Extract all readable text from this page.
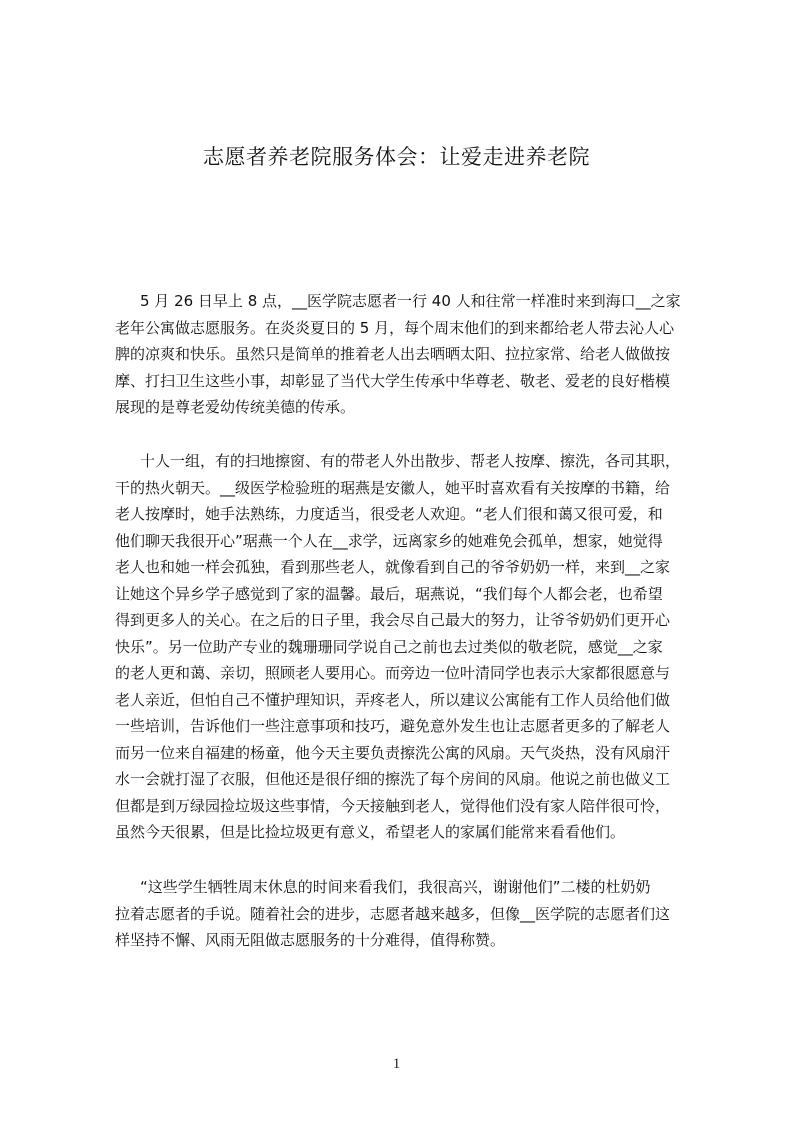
志愿者养老院服务体会：让爱走进养老院
5 月 26 日早上 8 点，__医学院志愿者一行 40 人和往常一样准时来到海口__之家
老年公寓做志愿服务。在炎炎夏日的 5 月，每个周末他们的到来都给老人带去沁人心
脾的凉爽和快乐。虽然只是简单的推着老人出去晒晒太阳、拉拉家常、给老人做做按
摩、打扫卫生这些小事，却彰显了当代大学生传承中华尊老、敬老、爱老的良好楷模
展现的是尊老爱幼传统美德的传承。
十人一组，有的扫地擦窗、有的带老人外出散步、帮老人按摩、擦洗，各司其职，
干的热火朝天。__级医学检验班的琚燕是安徽人，她平时喜欢看有关按摩的书籍，给
老人按摩时，她手法熟练，力度适当，很受老人欢迎。“老人们很和蔼又很可爱，和
他们聊天我很开心”琚燕一个人在__求学，远离家乡的她难免会孤单，想家，她觉得
老人也和她一样会孤独，看到那些老人，就像看到自己的爷爷奶奶一样，来到__之家
让她这个异乡学子感觉到了家的温馨。最后，琚燕说，“我们每个人都会老，也希望
得到更多人的关心。在之后的日子里，我会尽自己最大的努力，让爷爷奶奶们更开心
快乐”。另一位助产专业的魏珊珊同学说自己之前也去过类似的敬老院，感觉__之家
的老人更和蔼、亲切，照顾老人要用心。而旁边一位叶清同学也表示大家都很愿意与
老人亲近，但怕自己不懂护理知识，弄疼老人，所以建议公寓能有工作人员给他们做
一些培训，告诉他们一些注意事项和技巧，避免意外发生也让志愿者更多的了解老人
而另一位来自福建的杨童，他今天主要负责擦洗公寓的风扇。天气炎热，没有风扇汗
水一会就打湿了衣服，但他还是很仔细的擦洗了每个房间的风扇。他说之前也做义工
但都是到万绿园捡垃圾这些事情，今天接触到老人，觉得他们没有家人陪伴很可怜，
虽然今天很累，但是比捡垃圾更有意义，希望老人的家属们能常来看看他们。
“这些学生牺牲周末休息的时间来看我们，我很高兴，谢谢他们”二楼的杜奶奶
拉着志愿者的手说。随着社会的进步，志愿者越来越多，但像__医学院的志愿者们这
样坚持不懈、风雨无阻做志愿服务的十分难得，值得称赞。
1
